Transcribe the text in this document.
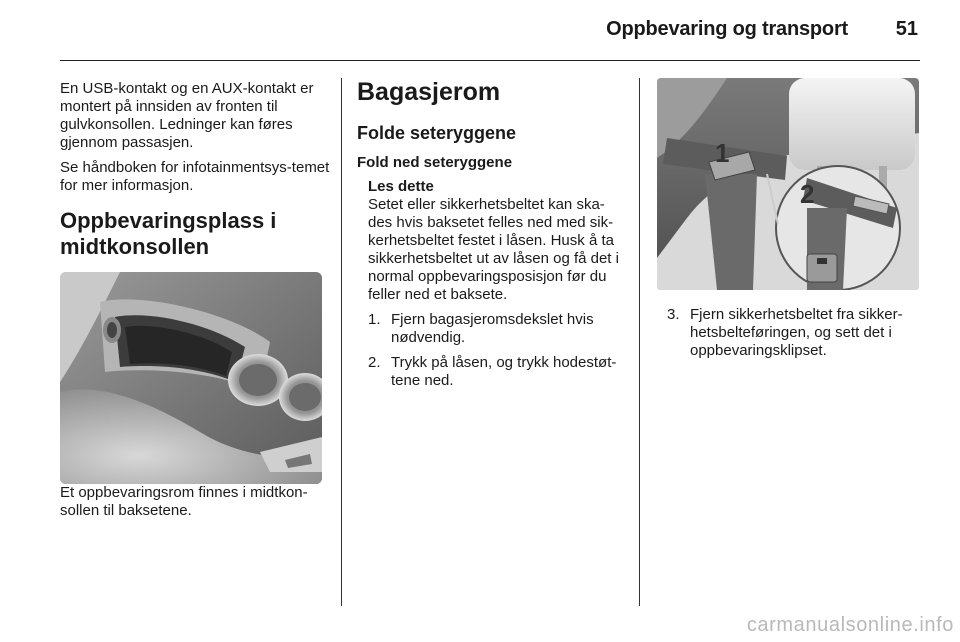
Oppbevaring og transport	51

En USB-kontakt og en AUX-kontakt er montert på innsiden av fronten til gulvkonsollen. Ledninger kan føres gjennom passasjen.

Se håndboken for infotainmentsys-temet for mer informasjon.

Oppbevaringsplass i midtkonsollen

Et oppbevaringsrom finnes i midtkon-sollen til baksetene.

Bagasjerom
Folde seteryggene
Fold ned seteryggene

Les dette

Setet eller sikkerhetsbeltet kan ska-des hvis baksetet felles ned med sik-kerhetsbeltet festet i låsen. Husk å ta sikkerhetsbeltet ut av låsen og få det i normal oppbevaringsposisjon før du feller ned et baksete.

1. Fjern bagasjeromsdekslet hvis nødvendig.
2. Trykk på låsen, og trykk hodestøt-tene ned.
1
2
3. Fjern sikkerhetsbeltet fra sikker-hetsbelteføringen, og sett det i oppbevaringsklipset.
carmanualsonline.info
